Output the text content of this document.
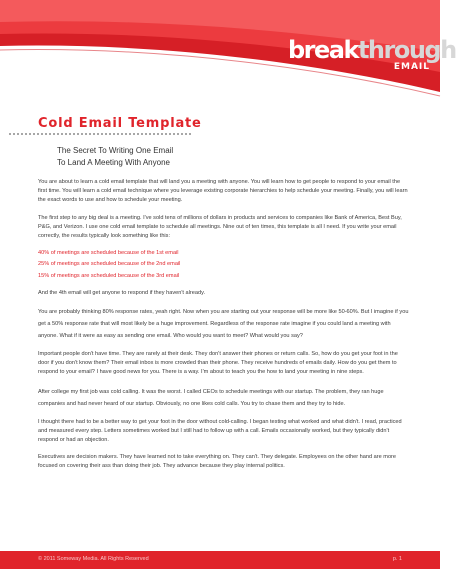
breakthrough
EMAIL
Cold Email Template
The Secret To Writing One Email
To Land A Meeting With Anyone

You are about to learn a cold email template that will land you a meeting with anyone. You will learn how to get people to respond to your email the first time. You will learn a cold email technique where you leverage existing corporate hierarchies to help schedule your meeting. Finally, you will learn the exact words to use and how to schedule your meeting.

The first step to any big deal is a meeting. I've sold tens of millions of dollars in products and services to companies like Bank of America, Best Buy, P&G, and Verizon. I use one cold email template to schedule all meetings. Nine out of ten times, this template is all I need. If you write your email correctly, the results typically look something like this:

40% of meetings are scheduled because of the 1st email

25% of meetings are scheduled because of the 2nd email

15% of meetings are scheduled because of the 3rd email

And the 4th email will get anyone to respond if they haven't already.

You are probably thinking 80% response rates, yeah right. Now when you are starting out your response will be more like 50-60%. But I imagine if you get a 50% response rate that will most likely be a huge improvement. Regardless of the response rate imagine if you could land a meeting with anyone. What if it were as easy as sending one email. Who would you want to meet? What would you say?

Important people don't have time. They are rarely at their desk. They don't answer their phones or return calls. So, how do you get your foot in the door if you don't know them? Their email inbox is more crowded than their phone. They receive hundreds of emails daily. How do you get them to respond to your email? I have good news for you. There is a way. I'm about to teach you the how to land your meeting in nine steps.

After college my first job was cold calling. It was the worst. I called CEOs to schedule meetings with our startup. The problem, they ran huge companies and had never heard of our startup. Obviously, no one likes cold calls. You try to chase them and they try to hide.

I thought there had to be a better way to get your foot in the door without cold-calling. I began testing what worked and what didn't. I read, practiced and measured every step. Letters sometimes worked but I still had to follow up with a call. Emails occasionally worked, but they typically didn't respond or had an objection.

Executives are decision makers. They have learned not to take everything on. They can't. They delegate. Employees on the other hand are more focused on covering their ass than doing their job. They advance because they play internal politics.

© 2011 Someway Media. All Rights Reserved	p. 1
